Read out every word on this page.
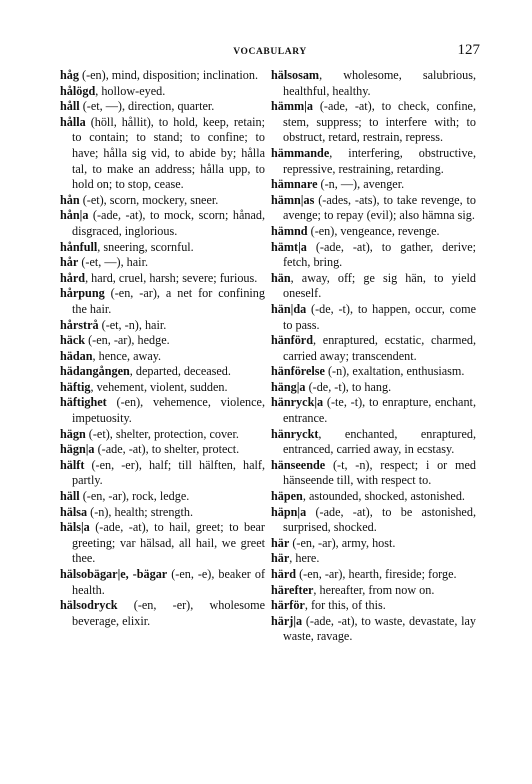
VOCABULARY	127

håg (-en), mind, disposition; inclination.

hålögd, hollow-eyed.

håll (-et, —), direction, quarter.

hålla (höll, hållit), to hold, keep, retain; to contain; to stand; to confine; to have; hålla sig vid, to abide by; hålla tal, to make an address; hålla upp, to hold on; to stop, cease.

hån (-et), scorn, mockery, sneer.

hån|a (-ade, -at), to mock, scorn; hånad, disgraced, inglorious.

hånfull, sneering, scornful.

hår (-et, —), hair.

hård, hard, cruel, harsh; severe; furious.

hårpung (-en, -ar), a net for confining the hair.

hårstrå (-et, -n), hair.

häck (-en, -ar), hedge.

hädan, hence, away.

hädangången, departed, deceased.

häftig, vehement, violent, sudden.

häftighet (-en), vehemence, violence, impetuosity.

hägn (-et), shelter, protection, cover.

hägn|a (-ade, -at), to shelter, protect.

hälft (-en, -er), half; till hälften, half, partly.

häll (-en, -ar), rock, ledge.

hälsa (-n), health; strength.

häls|a (-ade, -at), to hail, greet; to bear greeting; var hälsad, all hail, we greet thee.

hälsobägar|e, -bägar (-en, -e), beaker of health.

hälsodryck (-en, -er), wholesome beverage, elixir.

hälsosam, wholesome, salubrious, healthful, healthy.

hämm|a (-ade, -at), to check, confine, stem, suppress; to interfere with; to obstruct, retard, restrain, repress.

hämmande, interfering, obstructive, repressive, restraining, retarding.

hämnare (-n, —), avenger.

hämn|as (-ades, -ats), to take revenge, to avenge; to repay (evil); also hämna sig.

hämnd (-en), vengeance, revenge.

hämt|a (-ade, -at), to gather, derive; fetch, bring.

hän, away, off; ge sig hän, to yield oneself.

hän|da (-de, -t), to happen, occur, come to pass.

hänförd, enraptured, ecstatic, charmed, carried away; transcendent.

hänförelse (-n), exaltation, enthusiasm.

häng|a (-de, -t), to hang.

hänryck|a (-te, -t), to enrapture, enchant, entrance.

hänryckt, enchanted, enraptured, entranced, carried away, in ecstasy.

hänseende (-t, -n), respect; i or med hänseende till, with respect to.

häpen, astounded, shocked, astonished.

häpn|a (-ade, -at), to be astonished, surprised, shocked.

här (-en, -ar), army, host.

här, here.

härd (-en, -ar), hearth, fireside; forge.

härefter, hereafter, from now on.

härför, for this, of this.

härj|a (-ade, -at), to waste, devastate, lay waste, ravage.
